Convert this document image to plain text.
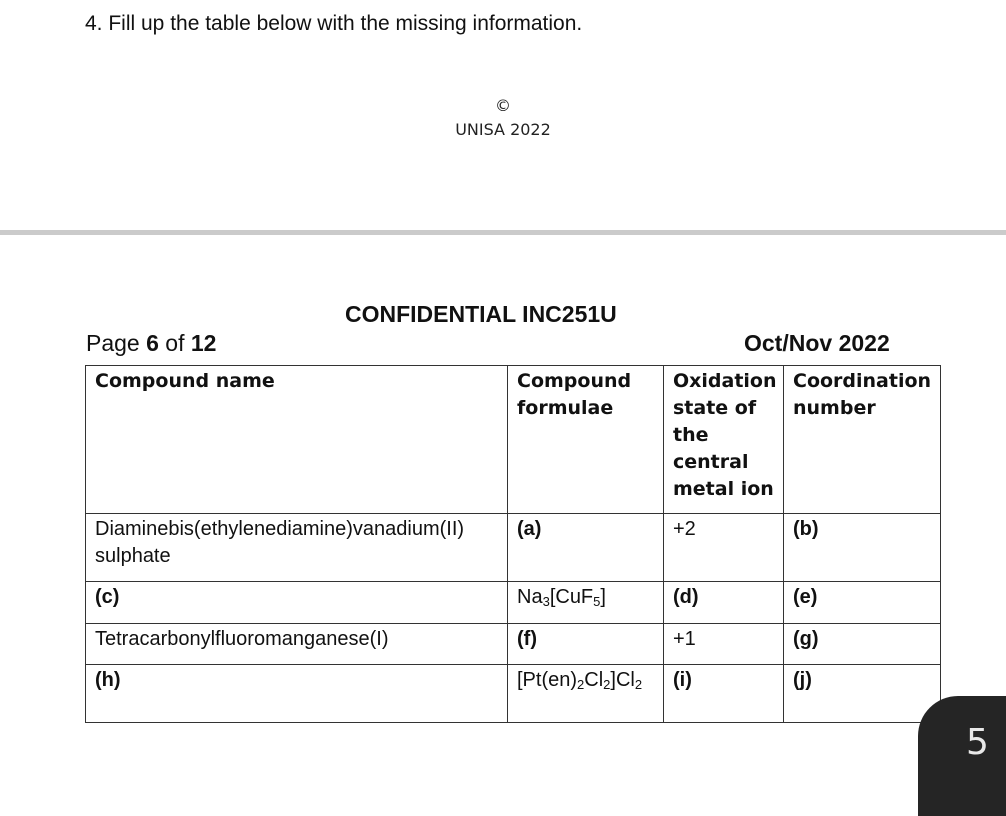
4. Fill up the table below with the missing information.
©
UNISA 2022
CONFIDENTIAL INC251U
Page 6 of 12	Oct/Nov 2022
Compound name	Compound formulae	Oxidation state of the central metal ion	Coordination number
Diaminebis(ethylenediamine)vanadium(II) sulphate	(a)	+2	(b)
(c)	$Na_3[CuF_5]$	(d)	(e)
Tetracarbonylfluoromanganese(I)	(f)	+1	(g)
(h)	$[Pt(en)_2Cl_2]Cl_2$	(i)	(j)
5
